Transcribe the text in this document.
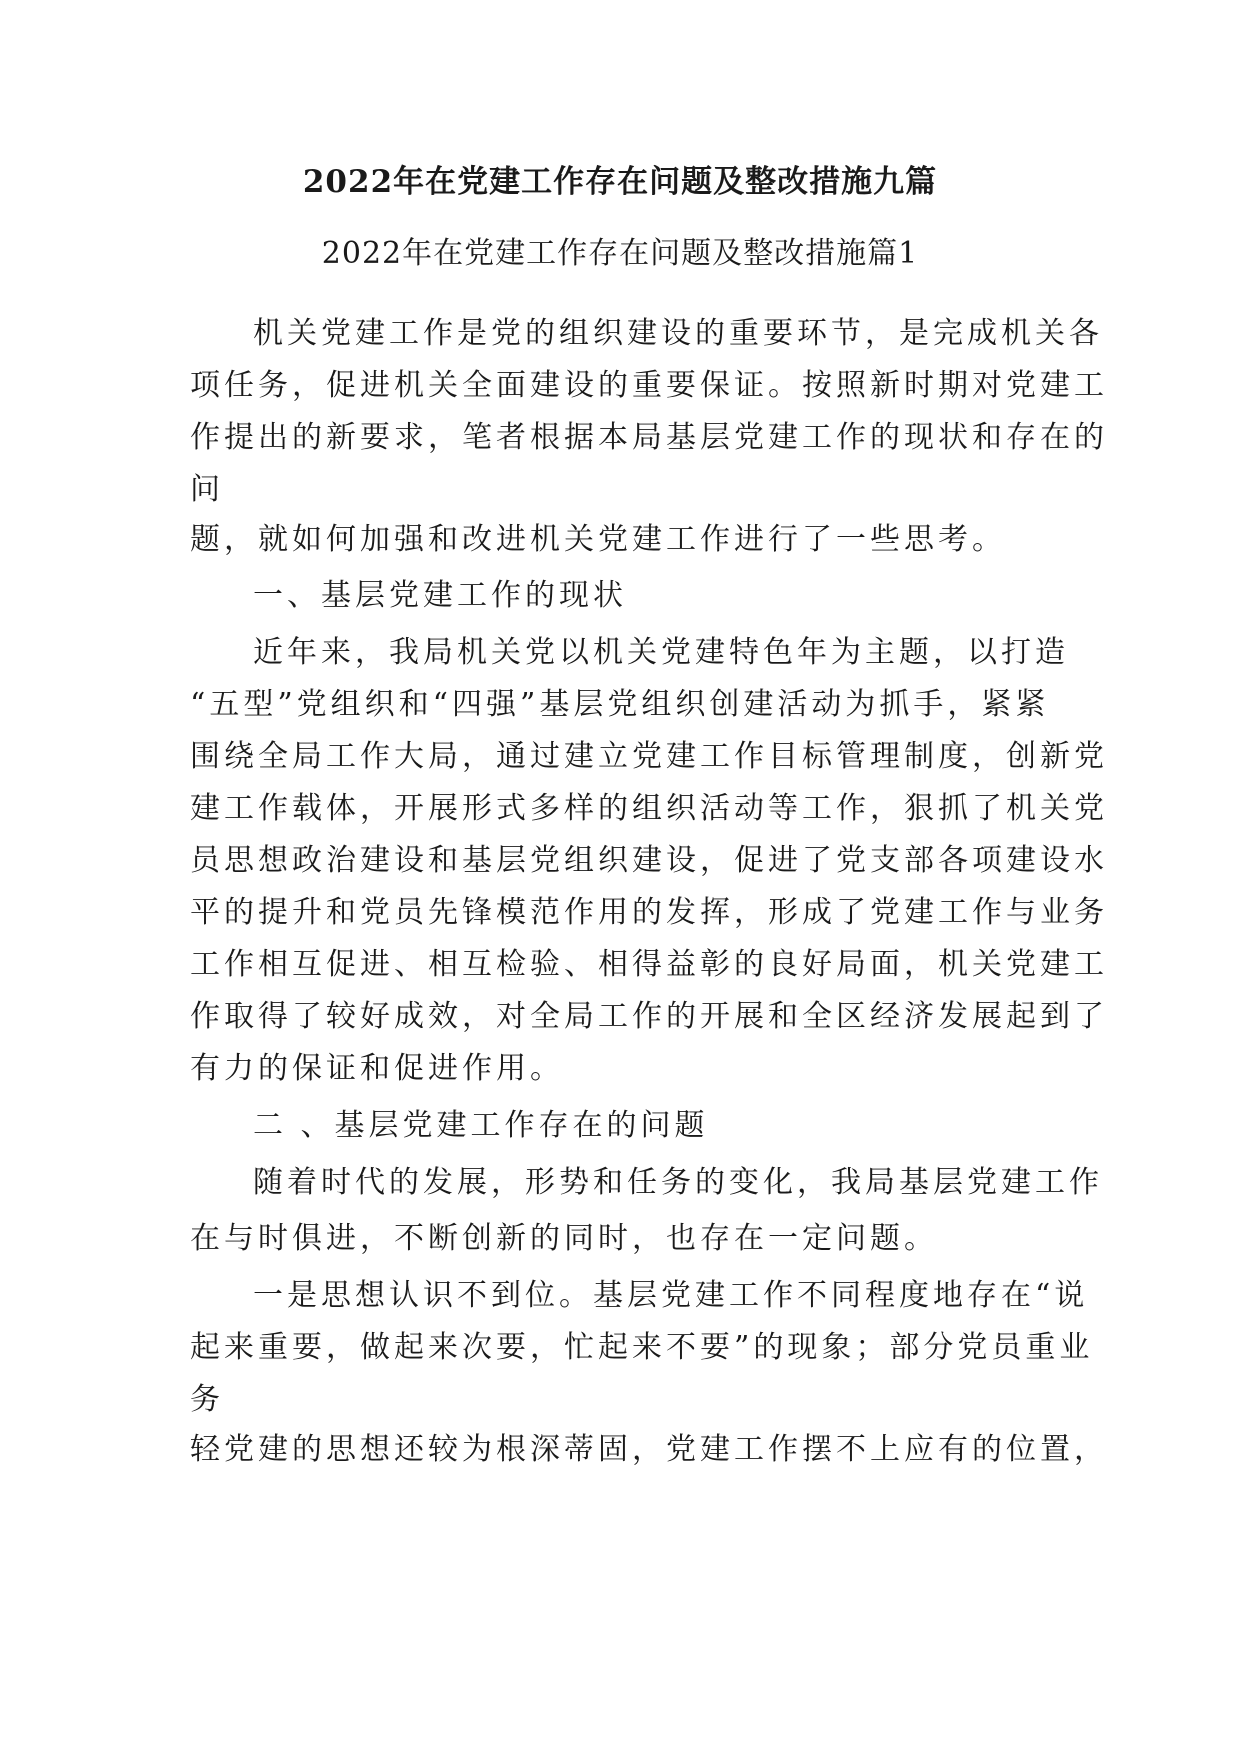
2022年在党建工作存在问题及整改措施九篇
2022年在党建工作存在问题及整改措施篇1
机关党建工作是党的组织建设的重要环节，是完成机关各
项任务，促进机关全面建设的重要保证。按照新时期对党建工
作提出的新要求，笔者根据本局基层党建工作的现状和存在的
问
题，就如何加强和改进机关党建工作进行了一些思考。
一、基层党建工作的现状
近年来，我局机关党以机关党建特色年为主题，以打造
“五型”党组织和“四强”基层党组织创建活动为抓手，紧紧
围绕全局工作大局，通过建立党建工作目标管理制度，创新党
建工作载体，开展形式多样的组织活动等工作，狠抓了机关党
员思想政治建设和基层党组织建设，促进了党支部各项建设水
平的提升和党员先锋模范作用的发挥，形成了党建工作与业务
工作相互促进、相互检验、相得益彰的良好局面，机关党建工
作取得了较好成效，对全局工作的开展和全区经济发展起到了
有力的保证和促进作用。
二 、基层党建工作存在的问题
随着时代的发展，形势和任务的变化，我局基层党建工作
在与时俱进，不断创新的同时，也存在一定问题。
一是思想认识不到位。基层党建工作不同程度地存在“说
起来重要，做起来次要，忙起来不要”的现象；部分党员重业
务
轻党建的思想还较为根深蒂固，党建工作摆不上应有的位置，
